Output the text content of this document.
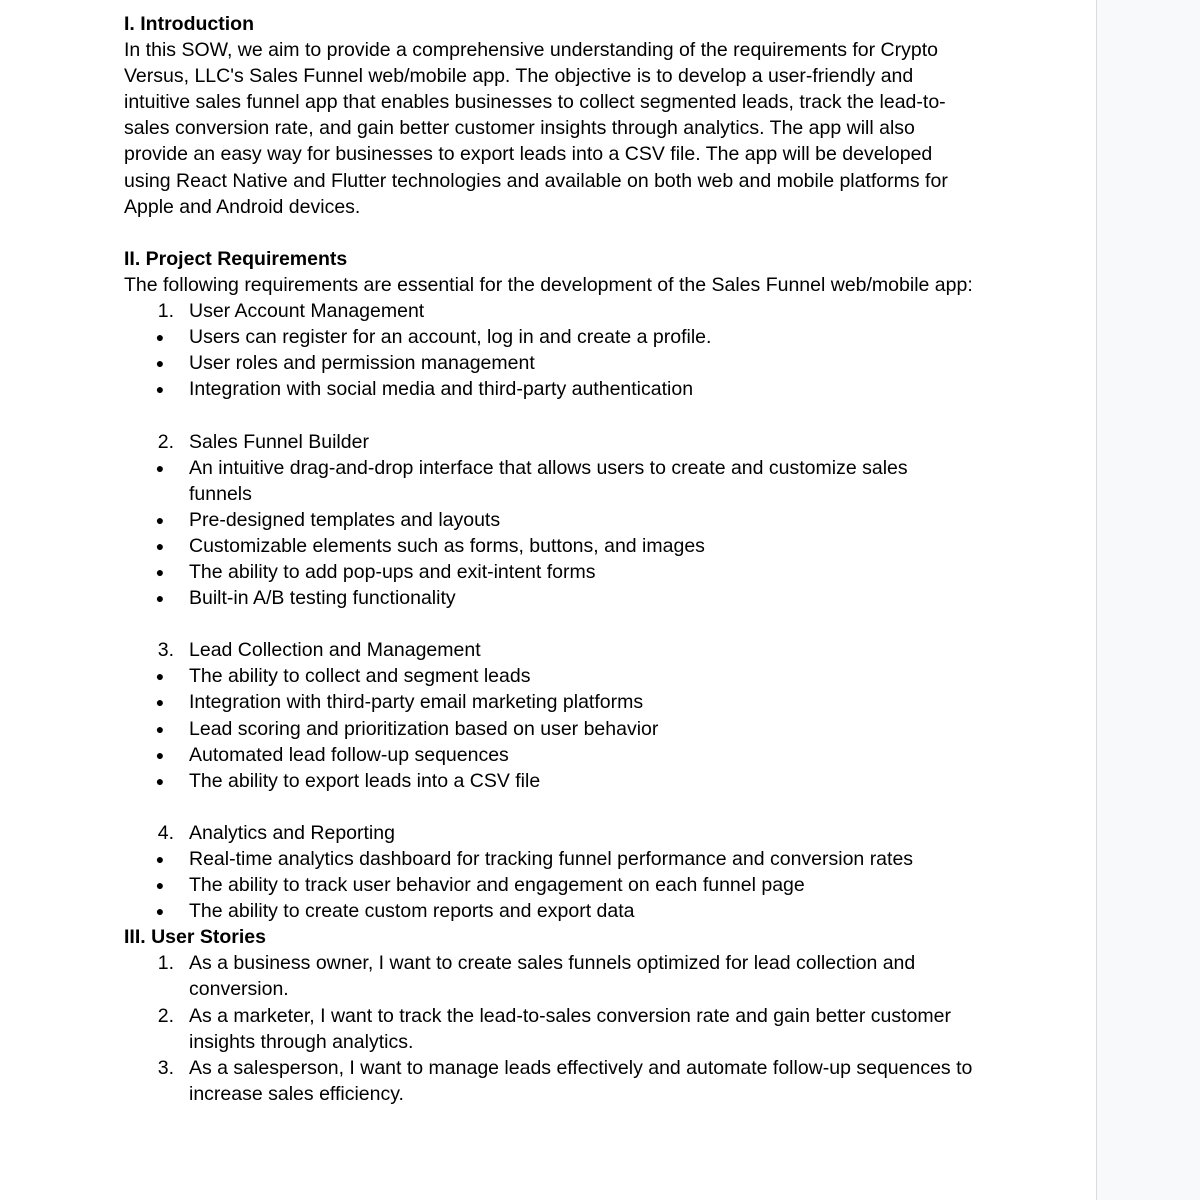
I. Introduction

In this SOW, we aim to provide a comprehensive understanding of the requirements for Crypto Versus, LLC's Sales Funnel web/mobile app. The objective is to develop a user-friendly and intuitive sales funnel app that enables businesses to collect segmented leads, track the lead-to-sales conversion rate, and gain better customer insights through analytics. The app will also provide an easy way for businesses to export leads into a CSV file. The app will be developed using React Native and Flutter technologies and available on both web and mobile platforms for Apple and Android devices.

II. Project Requirements

The following requirements are essential for the development of the Sales Funnel web/mobile app:

1. User Account Management
● Users can register for an account, log in and create a profile.
● User roles and permission management
● Integration with social media and third-party authentication
2. Sales Funnel Builder
● An intuitive drag-and-drop interface that allows users to create and customize sales funnels
● Pre-designed templates and layouts
● Customizable elements such as forms, buttons, and images
● The ability to add pop-ups and exit-intent forms
● Built-in A/B testing functionality
3. Lead Collection and Management
● The ability to collect and segment leads
● Integration with third-party email marketing platforms
● Lead scoring and prioritization based on user behavior
● Automated lead follow-up sequences
● The ability to export leads into a CSV file
4. Analytics and Reporting
● Real-time analytics dashboard for tracking funnel performance and conversion rates
● The ability to track user behavior and engagement on each funnel page
● The ability to create custom reports and export data

III. User Stories

1. As a business owner, I want to create sales funnels optimized for lead collection and conversion.
2. As a marketer, I want to track the lead-to-sales conversion rate and gain better customer insights through analytics.
3. As a salesperson, I want to manage leads effectively and automate follow-up sequences to increase sales efficiency.
